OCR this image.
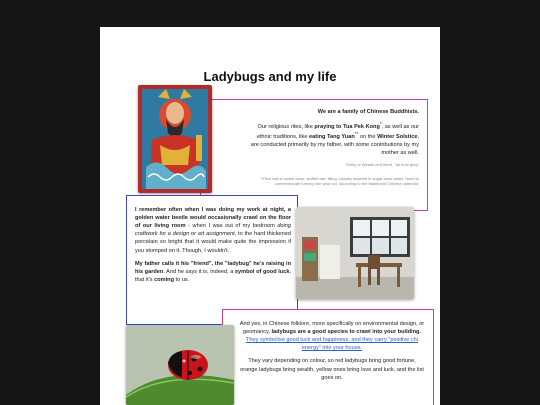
Ladybugs and my life
We are a family of Chinese Buddhists.
Our religious rites, like praying to Tua Pek Kong*, as well as our ethnic traditions, like eating Tang Yuan** on the Winter Solstice, are conducted primarily by my father, with some contributions by my mother as well.
*Deity of Wealth and Merit, "da bum ging"
**Rice ball in sweet dose, stuffed with filling. Usually sesame in sugar cane water. Used to commemorate turning one year old, according to the traditional Chinese calendar.
I remember often when I was doing my work at night, a golden water beetle would occasionally crawl on the floor of our living room - when I was out of my bedroom doing craftwork for a design or art assignment, to the hard thickened porcelain so bright that it would make quite the impression if you stomped on it. Though, I wouldn't.
My father calls it his "friend", the "ladybug" he's raising in his garden. And he says it is, indeed, a symbol of good luck, that it's coming to us.
And yes, in Chinese folklore, more specifically on environmental design, or geomancy, ladybugs are a good species to crawl into your building. They symbolise good luck and happiness, and they carry "positive chi energy" into your house.
They vary depending on colour, so red ladybugs bring good fortune, orange ladybugs bring wealth, yellow ones bring love and luck, and the list goes on.
